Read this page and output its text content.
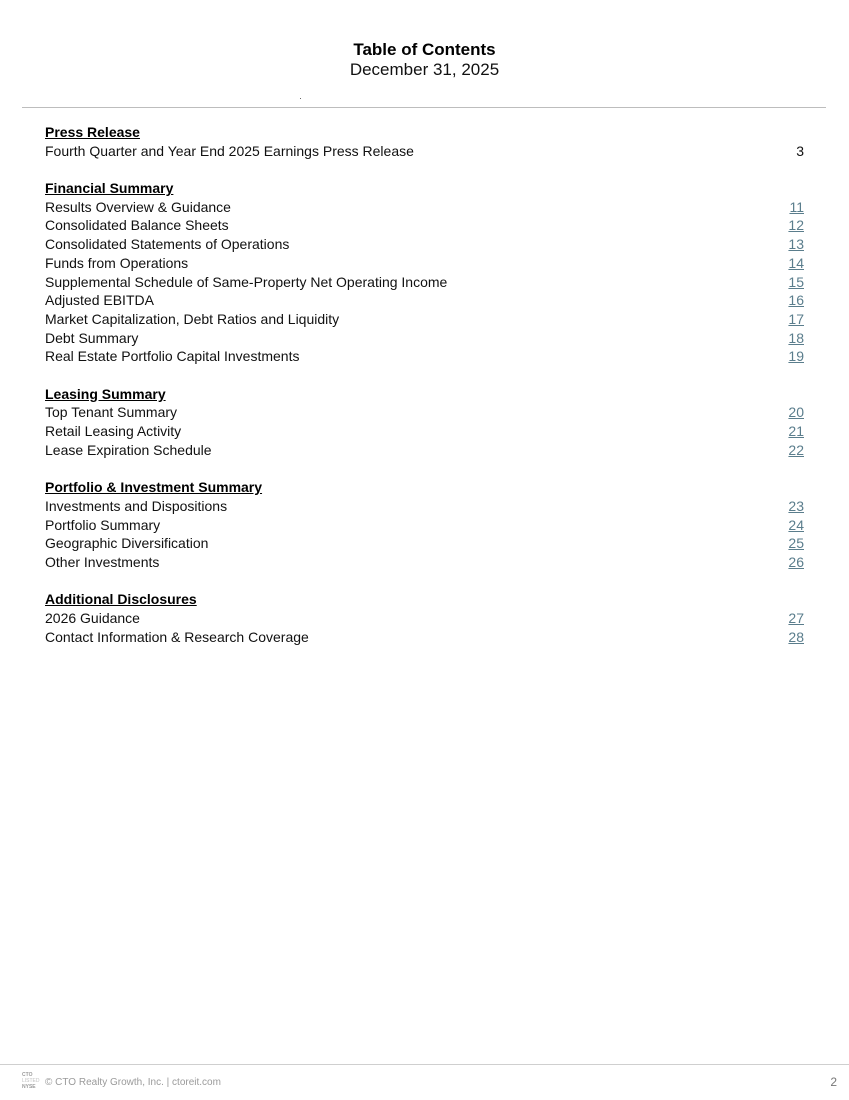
Table of Contents
December 31, 2025
Press Release
Fourth Quarter and Year End 2025 Earnings Press Release	3
Financial Summary
Results Overview & Guidance	11
Consolidated Balance Sheets	12
Consolidated Statements of Operations	13
Funds from Operations	14
Supplemental Schedule of Same-Property Net Operating Income	15
Adjusted EBITDA	16
Market Capitalization, Debt Ratios and Liquidity	17
Debt Summary	18
Real Estate Portfolio Capital Investments	19
Leasing Summary
Top Tenant Summary	20
Retail Leasing Activity	21
Lease Expiration Schedule	22
Portfolio & Investment Summary
Investments and Dispositions	23
Portfolio Summary	24
Geographic Diversification	25
Other Investments	26
Additional Disclosures
2026 Guidance	27
Contact Information & Research Coverage	28
CTO
LISTED
NYSE © CTO Realty Growth, Inc. | ctoreit.com	2
